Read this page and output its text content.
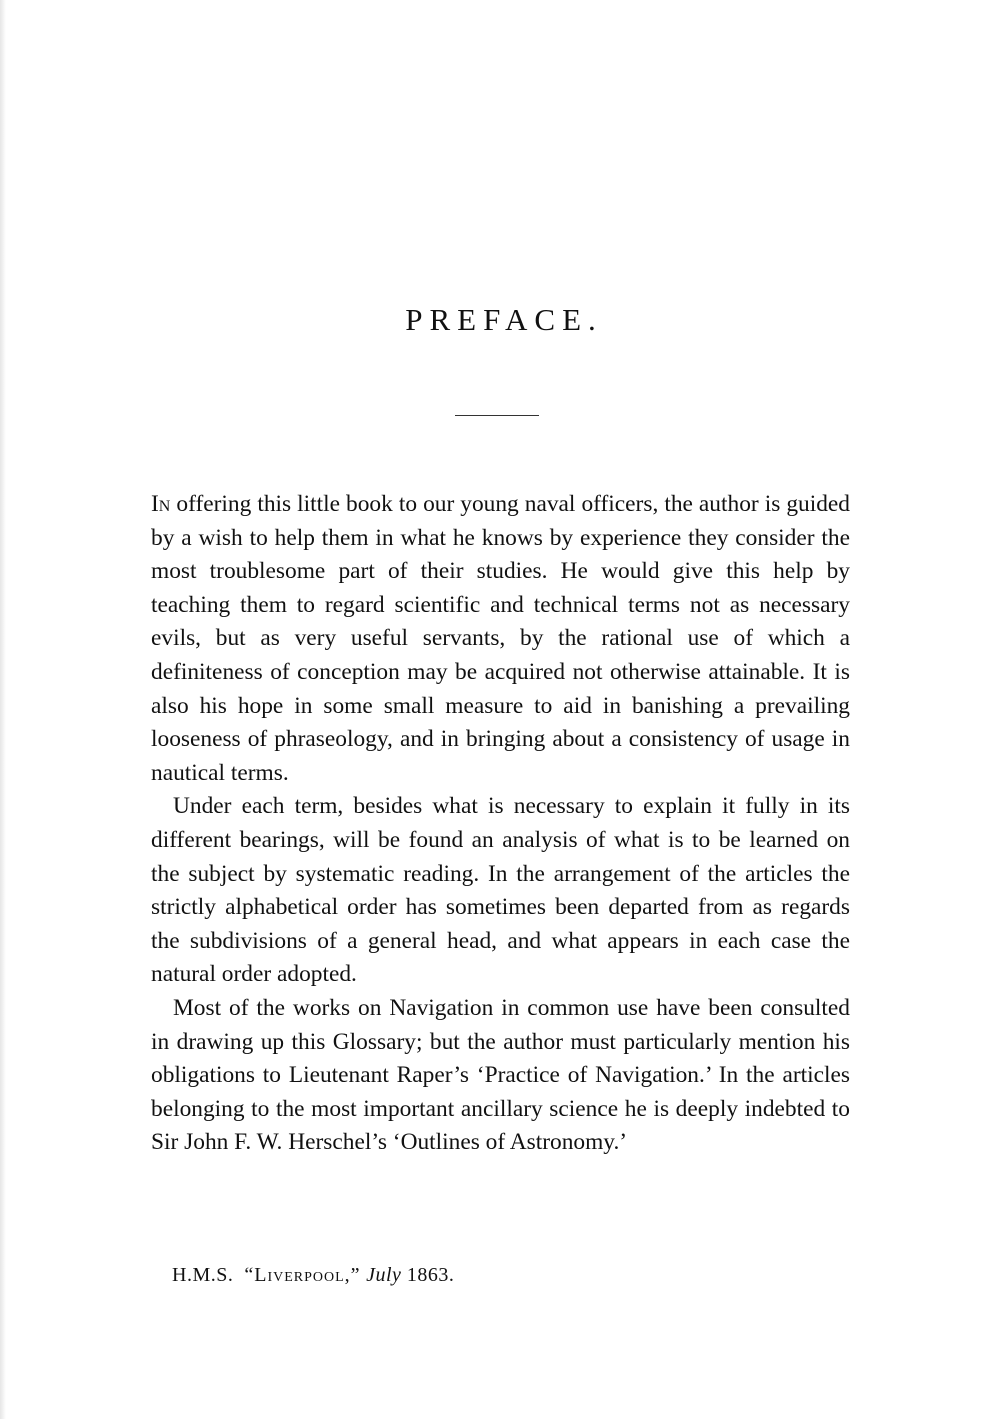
PREFACE.

In offering this little book to our young naval officers, the author is guided by a wish to help them in what he knows by experience they consider the most troublesome part of their studies. He would give this help by teaching them to regard scientific and technical terms not as necessary evils, but as very useful servants, by the rational use of which a definiteness of conception may be acquired not otherwise attainable. It is also his hope in some small measure to aid in banishing a prevailing looseness of phraseology, and in bringing about a consistency of usage in nautical terms.

Under each term, besides what is necessary to explain it fully in its different bearings, will be found an analysis of what is to be learned on the subject by systematic reading. In the arrangement of the articles the strictly alphabetical order has sometimes been departed from as regards the subdivisions of a general head, and what appears in each case the natural order adopted.

Most of the works on Navigation in common use have been consulted in drawing up this Glossary; but the author must particularly mention his obligations to Lieutenant Raper’s ‘Practice of Navigation.’ In the articles belonging to the most important ancillary science he is deeply indebted to Sir John F. W. Herschel’s ‘Outlines of Astronomy.’

H.M.S. “Liverpool,” July 1863.
